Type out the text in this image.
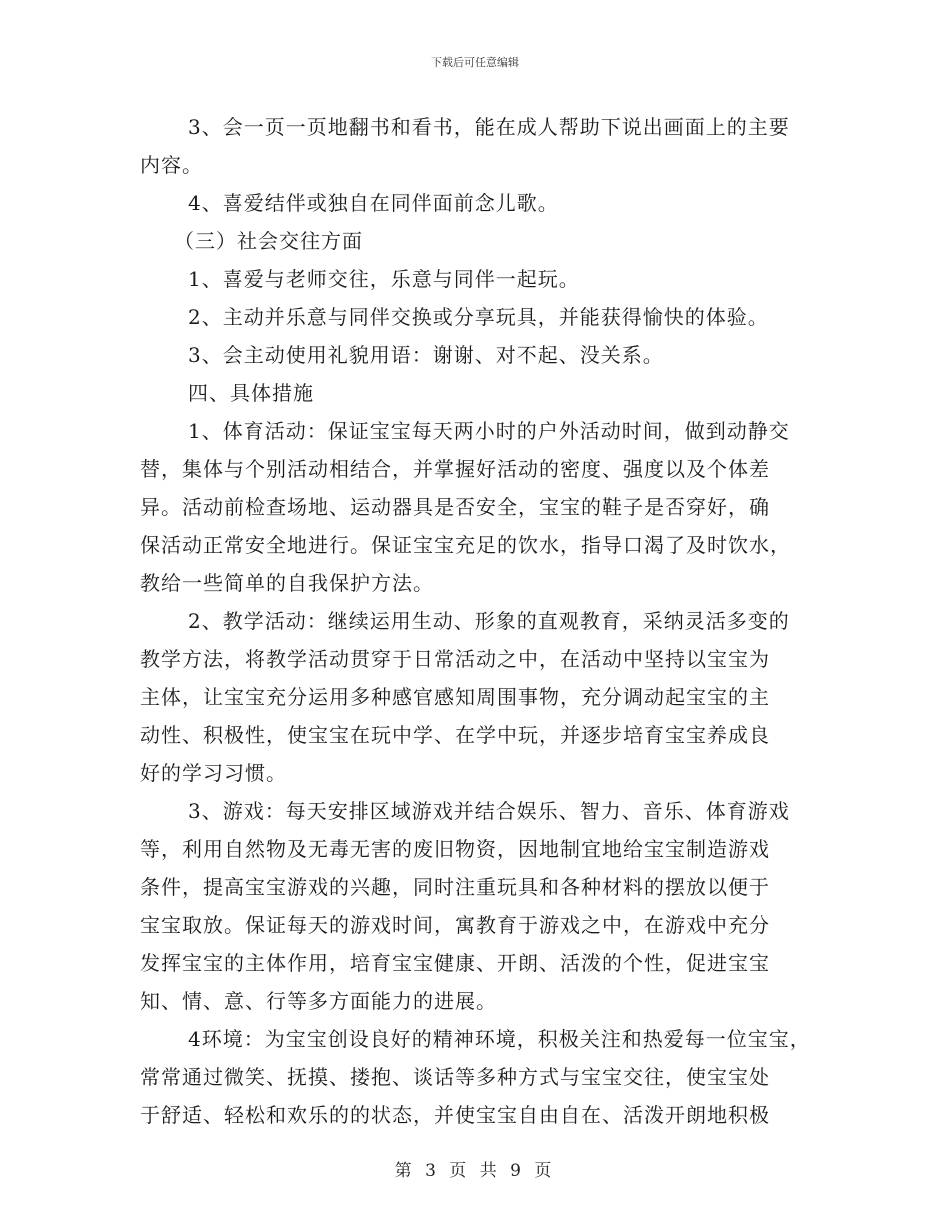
下载后可任意编辑
3、会一页一页地翻书和看书，能在成人帮助下说出画面上的主要
内容。
4、喜爱结伴或独自在同伴面前念儿歌。
（三）社会交往方面
1、喜爱与老师交往，乐意与同伴一起玩。
2、主动并乐意与同伴交换或分享玩具，并能获得愉快的体验。
3、会主动使用礼貌用语：谢谢、对不起、没关系。
四、具体措施
1、体育活动：保证宝宝每天两小时的户外活动时间，做到动静交
替，集体与个别活动相结合，并掌握好活动的密度、强度以及个体差
异。活动前检查场地、运动器具是否安全，宝宝的鞋子是否穿好，确
保活动正常安全地进行。保证宝宝充足的饮水，指导口渴了及时饮水，
教给一些简单的自我保护方法。
2、教学活动：继续运用生动、形象的直观教育，采纳灵活多变的
教学方法，将教学活动贯穿于日常活动之中，在活动中坚持以宝宝为
主体，让宝宝充分运用多种感官感知周围事物，充分调动起宝宝的主
动性、积极性，使宝宝在玩中学、在学中玩，并逐步培育宝宝养成良
好的学习习惯。
3、游戏：每天安排区域游戏并结合娱乐、智力、音乐、体育游戏
等，利用自然物及无毒无害的废旧物资，因地制宜地给宝宝制造游戏
条件，提高宝宝游戏的兴趣，同时注重玩具和各种材料的摆放以便于
宝宝取放。保证每天的游戏时间，寓教育于游戏之中，在游戏中充分
发挥宝宝的主体作用，培育宝宝健康、开朗、活泼的个性，促进宝宝
知、情、意、行等多方面能力的进展。
4环境：为宝宝创设良好的精神环境，积极关注和热爱每一位宝宝，
常常通过微笑、抚摸、搂抱、谈话等多种方式与宝宝交往，使宝宝处
于舒适、轻松和欢乐的的状态，并使宝宝自由自在、活泼开朗地积极
第 3 页 共 9 页
